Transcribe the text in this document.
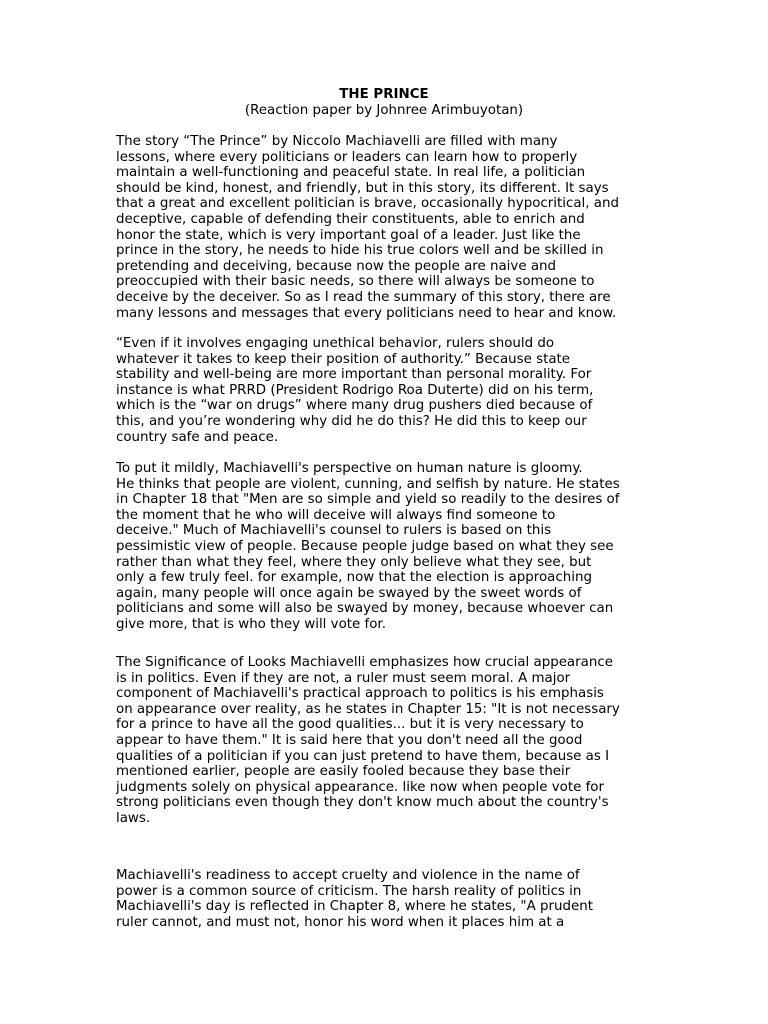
THE PRINCE
(Reaction paper by Johnree Arimbuyotan)

The story “The Prince” by Niccolo Machiavelli are filled with many
lessons, where every politicians or leaders can learn how to properly
maintain a well-functioning and peaceful state. In real life, a politician
should be kind, honest, and friendly, but in this story, its different. It says
that a great and excellent politician is brave, occasionally hypocritical, and
deceptive, capable of defending their constituents, able to enrich and
honor the state, which is very important goal of a leader. Just like the
prince in the story, he needs to hide his true colors well and be skilled in
pretending and deceiving, because now the people are naive and
preoccupied with their basic needs, so there will always be someone to
deceive by the deceiver. So as I read the summary of this story, there are
many lessons and messages that every politicians need to hear and know.

“Even if it involves engaging unethical behavior, rulers should do
whatever it takes to keep their position of authority.” Because state
stability and well-being are more important than personal morality. For
instance is what PRRD (President Rodrigo Roa Duterte) did on his term,
which is the “war on drugs” where many drug pushers died because of
this, and you’re wondering why did he do this? He did this to keep our
country safe and peace.

To put it mildly, Machiavelli's perspective on human nature is gloomy.
He thinks that people are violent, cunning, and selfish by nature. He states
in Chapter 18 that "Men are so simple and yield so readily to the desires of
the moment that he who will deceive will always find someone to
deceive." Much of Machiavelli's counsel to rulers is based on this
pessimistic view of people. Because people judge based on what they see
rather than what they feel, where they only believe what they see, but
only a few truly feel. for example, now that the election is approaching
again, many people will once again be swayed by the sweet words of
politicians and some will also be swayed by money, because whoever can
give more, that is who they will vote for.

The Significance of Looks Machiavelli emphasizes how crucial appearance
is in politics. Even if they are not, a ruler must seem moral. A major
component of Machiavelli's practical approach to politics is his emphasis
on appearance over reality, as he states in Chapter 15: "It is not necessary
for a prince to have all the good qualities... but it is very necessary to
appear to have them." It is said here that you don't need all the good
qualities of a politician if you can just pretend to have them, because as I
mentioned earlier, people are easily fooled because they base their
judgments solely on physical appearance. like now when people vote for
strong politicians even though they don't know much about the country's
laws.

Machiavelli's readiness to accept cruelty and violence in the name of
power is a common source of criticism. The harsh reality of politics in
Machiavelli's day is reflected in Chapter 8, where he states, "A prudent
ruler cannot, and must not, honor his word when it places him at a
